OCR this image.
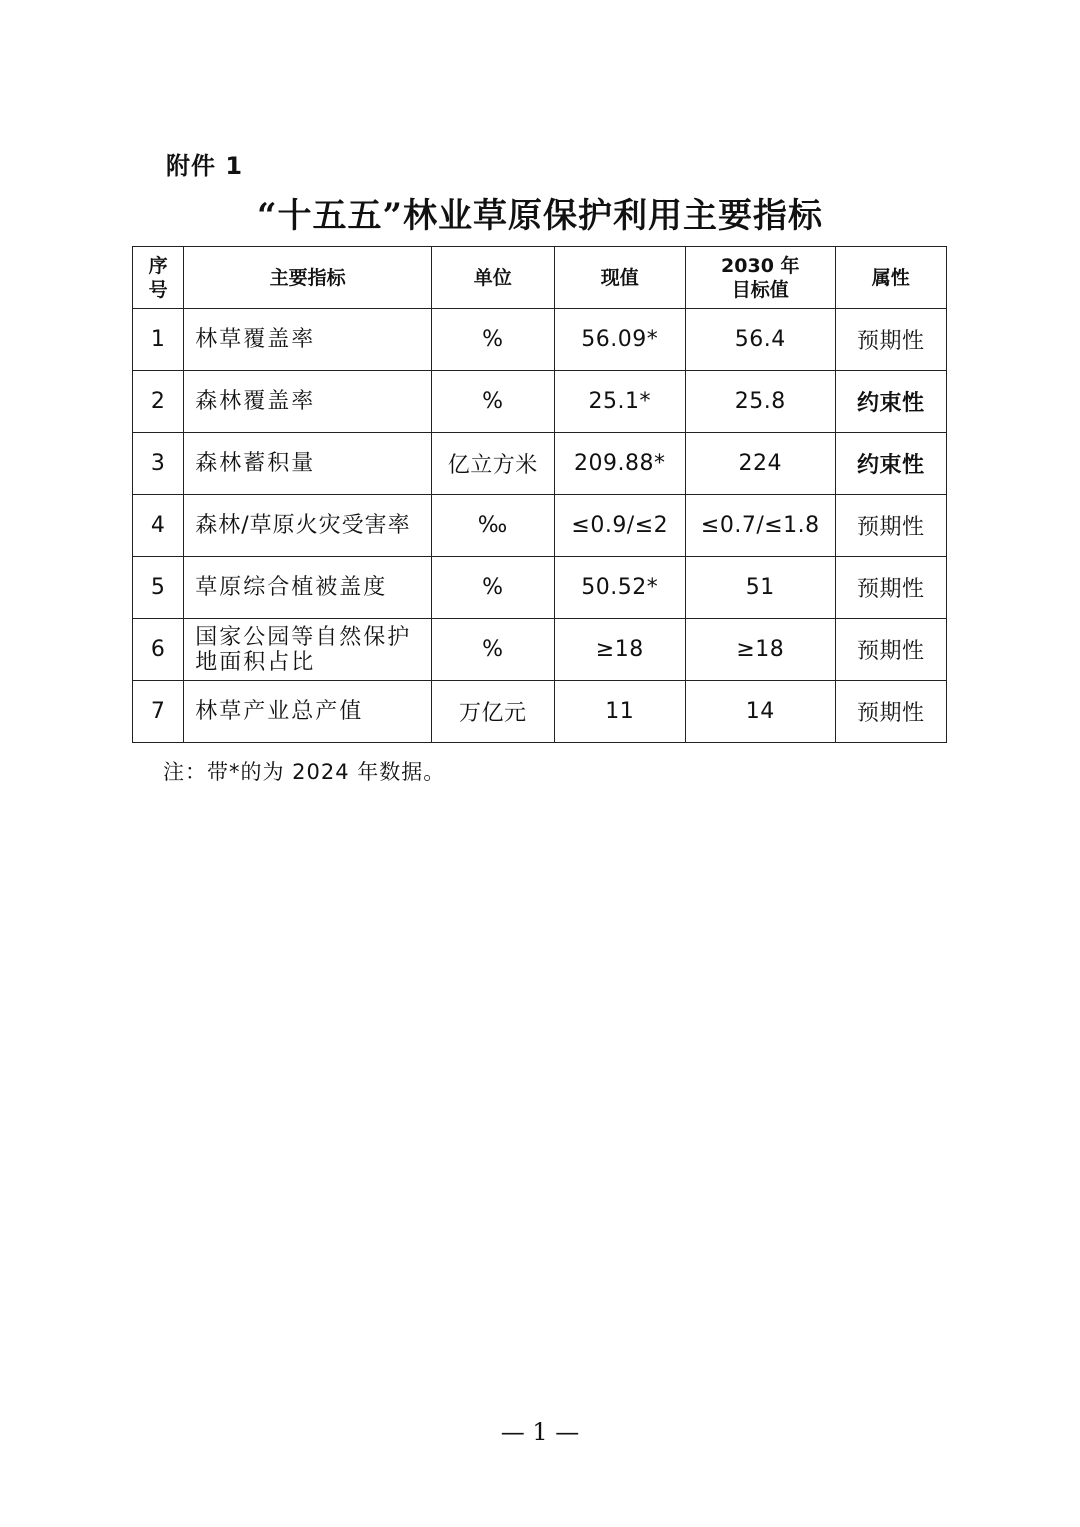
附件 1
“十五五”林业草原保护利用主要指标
序号	主要指标	单位	现值	2030 年目标值	属性
1	林草覆盖率	%	56.09*	56.4	预期性
2	森林覆盖率	%	25.1*	25.8	约束性
3	森林蓄积量	亿立方米	209.88*	224	约束性
4	森林/草原火灾受害率	‰	≤0.9/≤2	≤0.7/≤1.8	预期性
5	草原综合植被盖度	%	50.52*	51	预期性
6	国家公园等自然保护地面积占比	%	≥18	≥18	预期性
7	林草产业总产值	万亿元	11	14	预期性
注：带*的为 2024 年数据。
— 1 —
